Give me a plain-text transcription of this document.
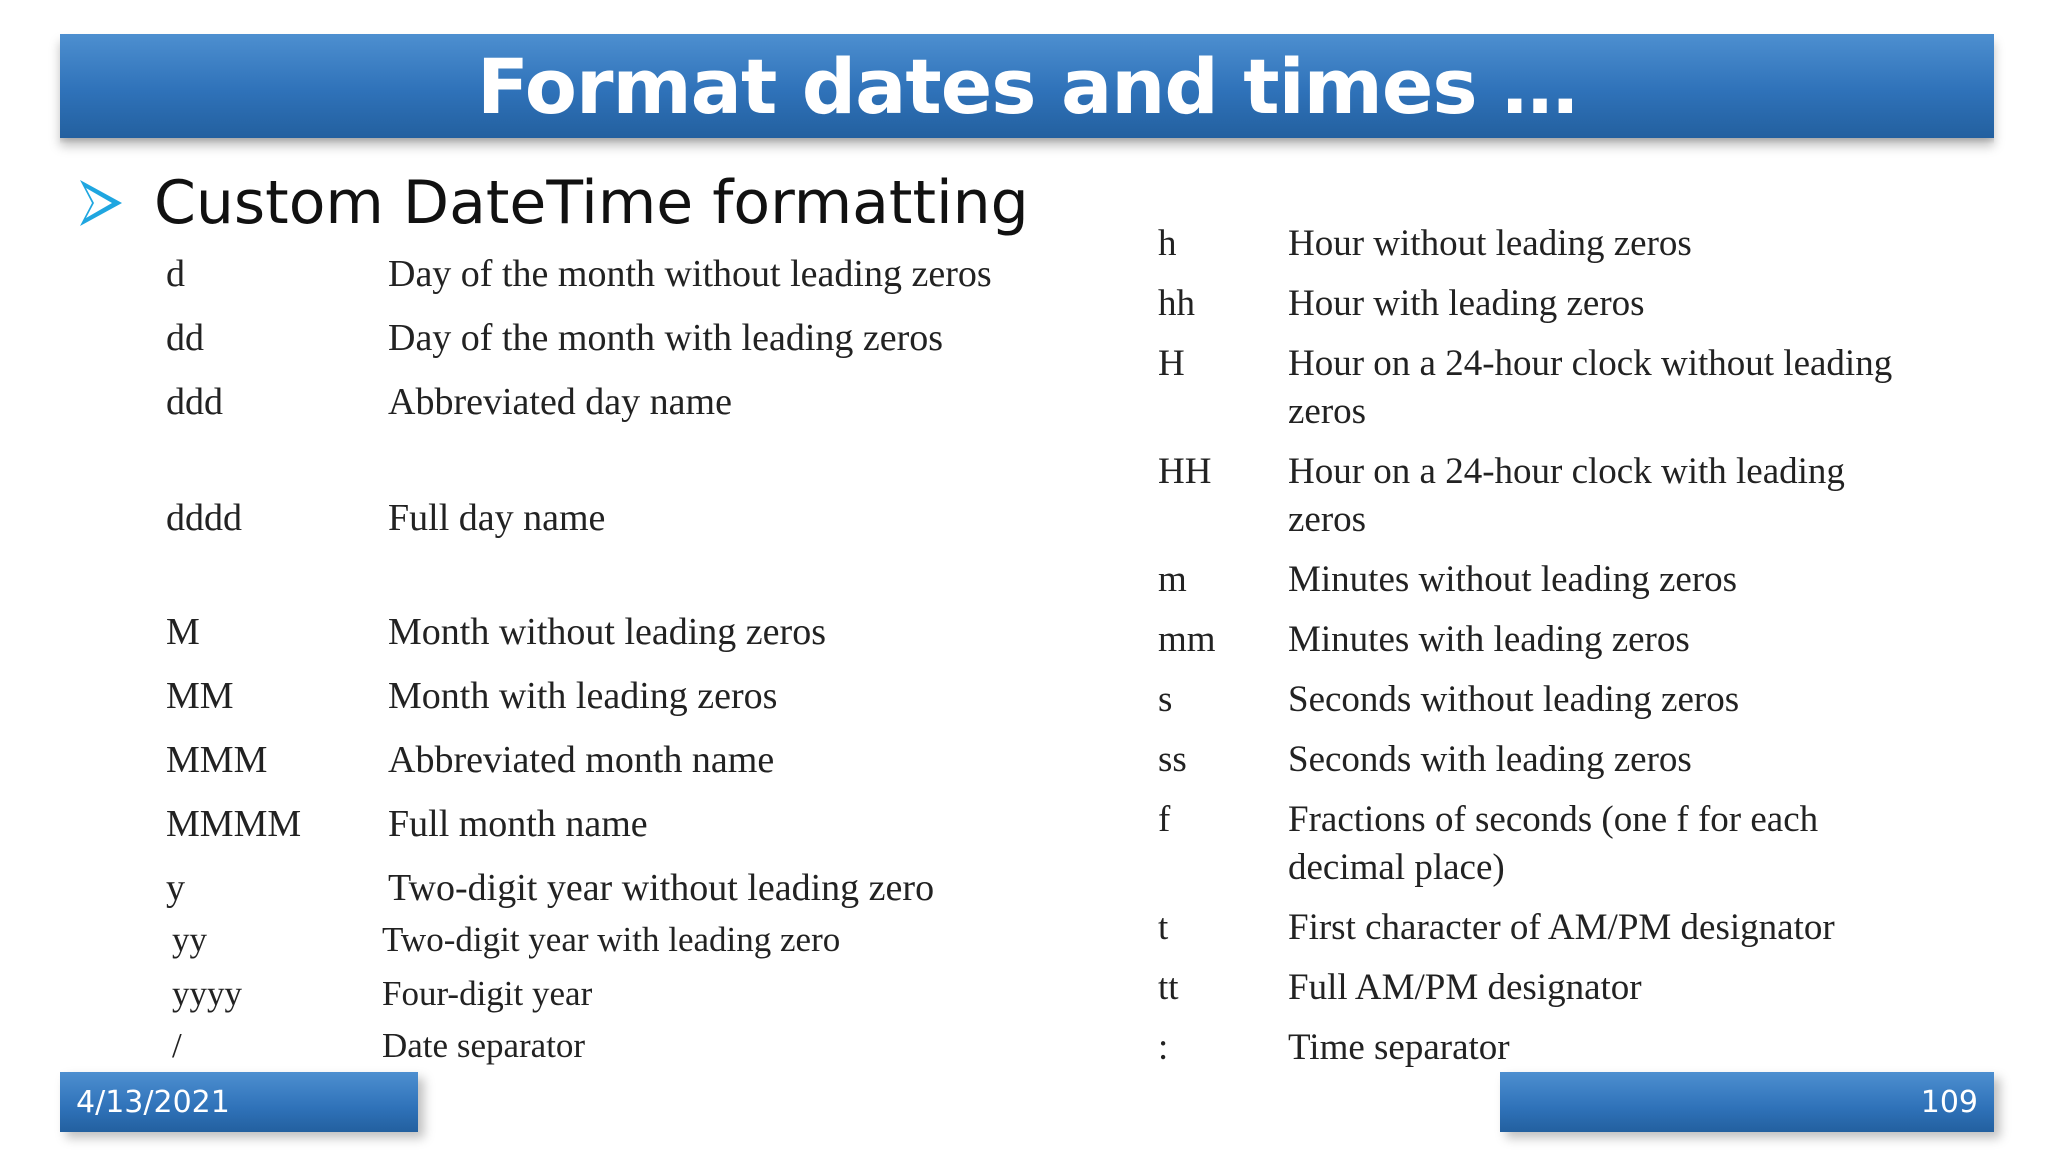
Format dates and times …
Custom DateTime formatting
d	Day of the month without leading zeros
dd	Day of the month with leading zeros
ddd	Abbreviated day name
dddd	Full day name
M	Month without leading zeros
MM	Month with leading zeros
MMM	Abbreviated month name
MMMM Full month name
y	Two-digit year without leading zero
yy	Two-digit year with leading zero
yyyy	Four-digit year
/	Date separator
h	Hour without leading zeros
hh	Hour with leading zeros
H	Hour on a 24-hour clock without leading zeros
HH Hour on a 24-hour clock with leading zeros
m	Minutes without leading zeros
mm Minutes with leading zeros
s	Seconds without leading zeros
ss	Seconds with leading zeros
f	Fractions of seconds (one f for each decimal place)
t	First character of AM/PM designator
tt	Full AM/PM designator
:	Time separator
4/13/2021	109
